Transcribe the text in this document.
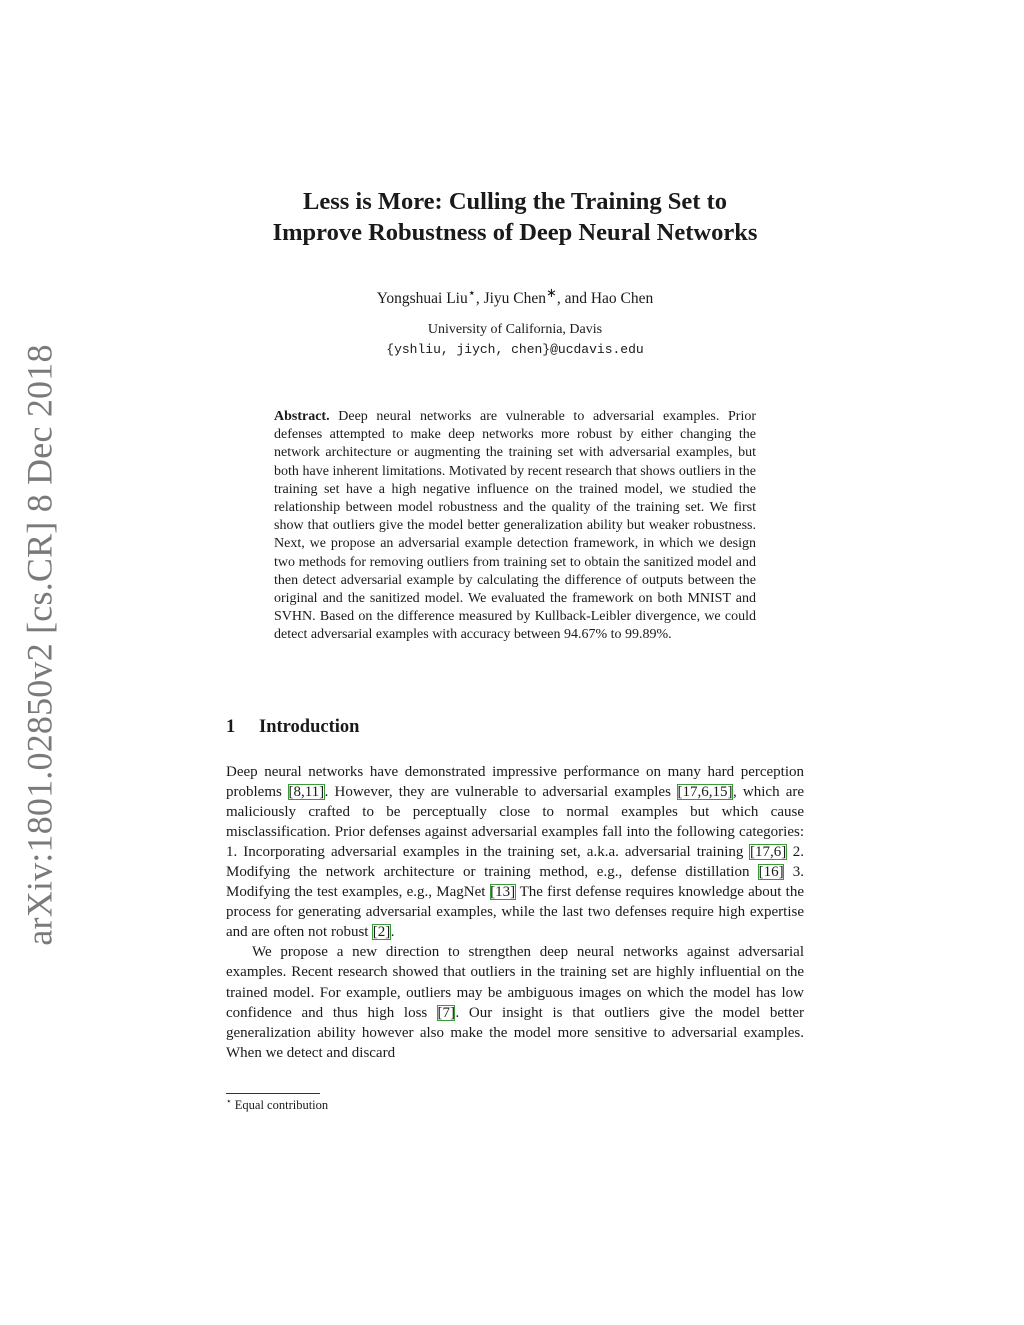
arXiv:1801.02850v2 [cs.CR] 8 Dec 2018
Less is More: Culling the Training Set to
Improve Robustness of Deep Neural Networks
Yongshuai Liu⋆, Jiyu Chen∗, and Hao Chen
University of California, Davis
{yshliu, jiych, chen}@ucdavis.edu
Abstract. Deep neural networks are vulnerable to adversarial examples. Prior defenses attempted to make deep networks more robust by either changing the network architecture or augmenting the training set with adversarial examples, but both have inherent limitations. Motivated by recent research that shows outliers in the training set have a high negative influence on the trained model, we studied the relationship between model robustness and the quality of the training set. We first show that outliers give the model better generalization ability but weaker robustness. Next, we propose an adversarial example detection framework, in which we design two methods for removing outliers from training set to obtain the sanitized model and then detect adversarial example by calculating the difference of outputs between the original and the sanitized model. We evaluated the framework on both MNIST and SVHN. Based on the difference measured by Kullback-Leibler divergence, we could detect adversarial examples with accuracy between 94.67% to 99.89%.
1 Introduction

Deep neural networks have demonstrated impressive performance on many hard perception problems [8,11]. However, they are vulnerable to adversarial examples [17,6,15], which are maliciously crafted to be perceptually close to normal examples but which cause misclassification. Prior defenses against adversarial examples fall into the following categories: 1. Incorporating adversarial examples in the training set, a.k.a. adversarial training [17,6] 2. Modifying the network architecture or training method, e.g., defense distillation [16] 3. Modifying the test examples, e.g., MagNet [13] The first defense requires knowledge about the process for generating adversarial examples, while the last two defenses require high expertise and are often not robust [2].

We propose a new direction to strengthen deep neural networks against adversarial examples. Recent research showed that outliers in the training set are highly influential on the trained model. For example, outliers may be ambiguous images on which the model has low confidence and thus high loss [7]. Our insight is that outliers give the model better generalization ability however also make the model more sensitive to adversarial examples. When we detect and discard

⋆ Equal contribution
